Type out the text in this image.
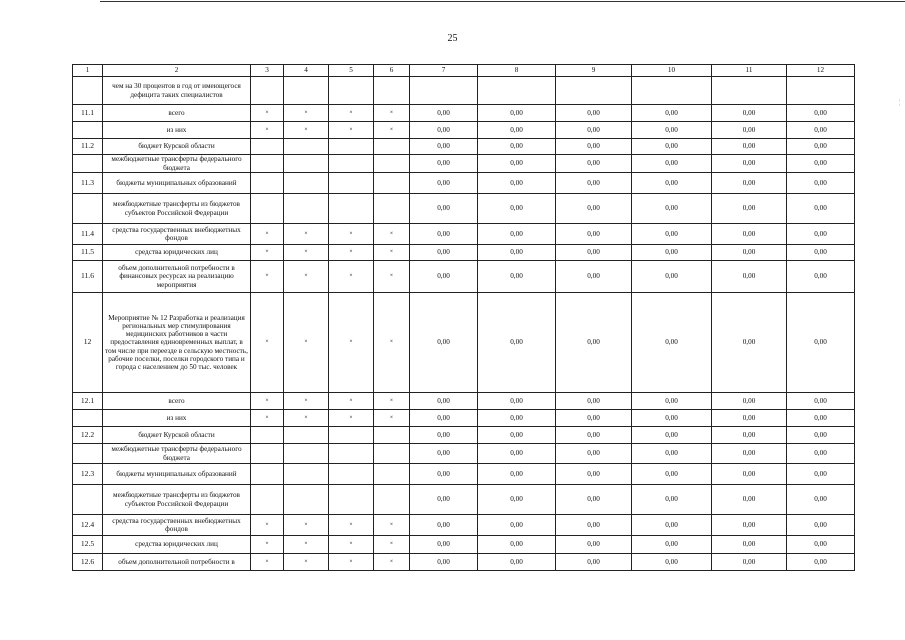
25
¦
1	2	3	4	5	6	7	8	9	10	11	12
	чем на 30 процентов в год от имеющегося дефицита таких специалистов										
11.1	всего	×	×	×	×	0,00	0,00	0,00	0,00	0,00	0,00
	из них	×	×	×	×	0,00	0,00	0,00	0,00	0,00	0,00
11.2	бюджет Курской области					0,00	0,00	0,00	0,00	0,00	0,00
	межбюджетные трансферты федерального бюджета					0,00	0,00	0,00	0,00	0,00	0,00
11.3	бюджеты муниципальных образований					0,00	0,00	0,00	0,00	0,00	0,00
	межбюджетные трансферты из бюджетов субъектов Российской Федерации					0,00	0,00	0,00	0,00	0,00	0,00
11.4	средства государственных внебюджетных фондов	×	×	×	×	0,00	0,00	0,00	0,00	0,00	0,00
11.5	средства юридических лиц	×	×	×	×	0,00	0,00	0,00	0,00	0,00	0,00
11.6	объем дополнительной потребности в финансовых ресурсах на реализацию мероприятия	×	×	×	×	0,00	0,00	0,00	0,00	0,00	0,00
12	Мероприятие № 12 Разработка и реализация региональных мер стимулирования медицинских работников в части предоставления единовременных выплат, в том числе при переезде в сельскую местность, рабочие поселки, поселки городского типа и города с населением до 50 тыс. человек	×	×	×	×	0,00	0,00	0,00	0,00	0,00	0,00
12.1	всего	×	×	×	×	0,00	0,00	0,00	0,00	0,00	0,00
	из них	×	×	×	×	0,00	0,00	0,00	0,00	0,00	0,00
12.2	бюджет Курской области					0,00	0,00	0,00	0,00	0,00	0,00
	межбюджетные трансферты федерального бюджета					0,00	0,00	0,00	0,00	0,00	0,00
12.3	бюджеты муниципальных образований					0,00	0,00	0,00	0,00	0,00	0,00
	межбюджетные трансферты из бюджетов субъектов Российской Федерации					0,00	0,00	0,00	0,00	0,00	0,00
12.4	средства государственных внебюджетных фондов	×	×	×	×	0,00	0,00	0,00	0,00	0,00	0,00
12.5	средства юридических лиц	×	×	×	×	0,00	0,00	0,00	0,00	0,00	0,00
12.6	объем дополнительной потребности в	×	×	×	×	0,00	0,00	0,00	0,00	0,00	0,00
